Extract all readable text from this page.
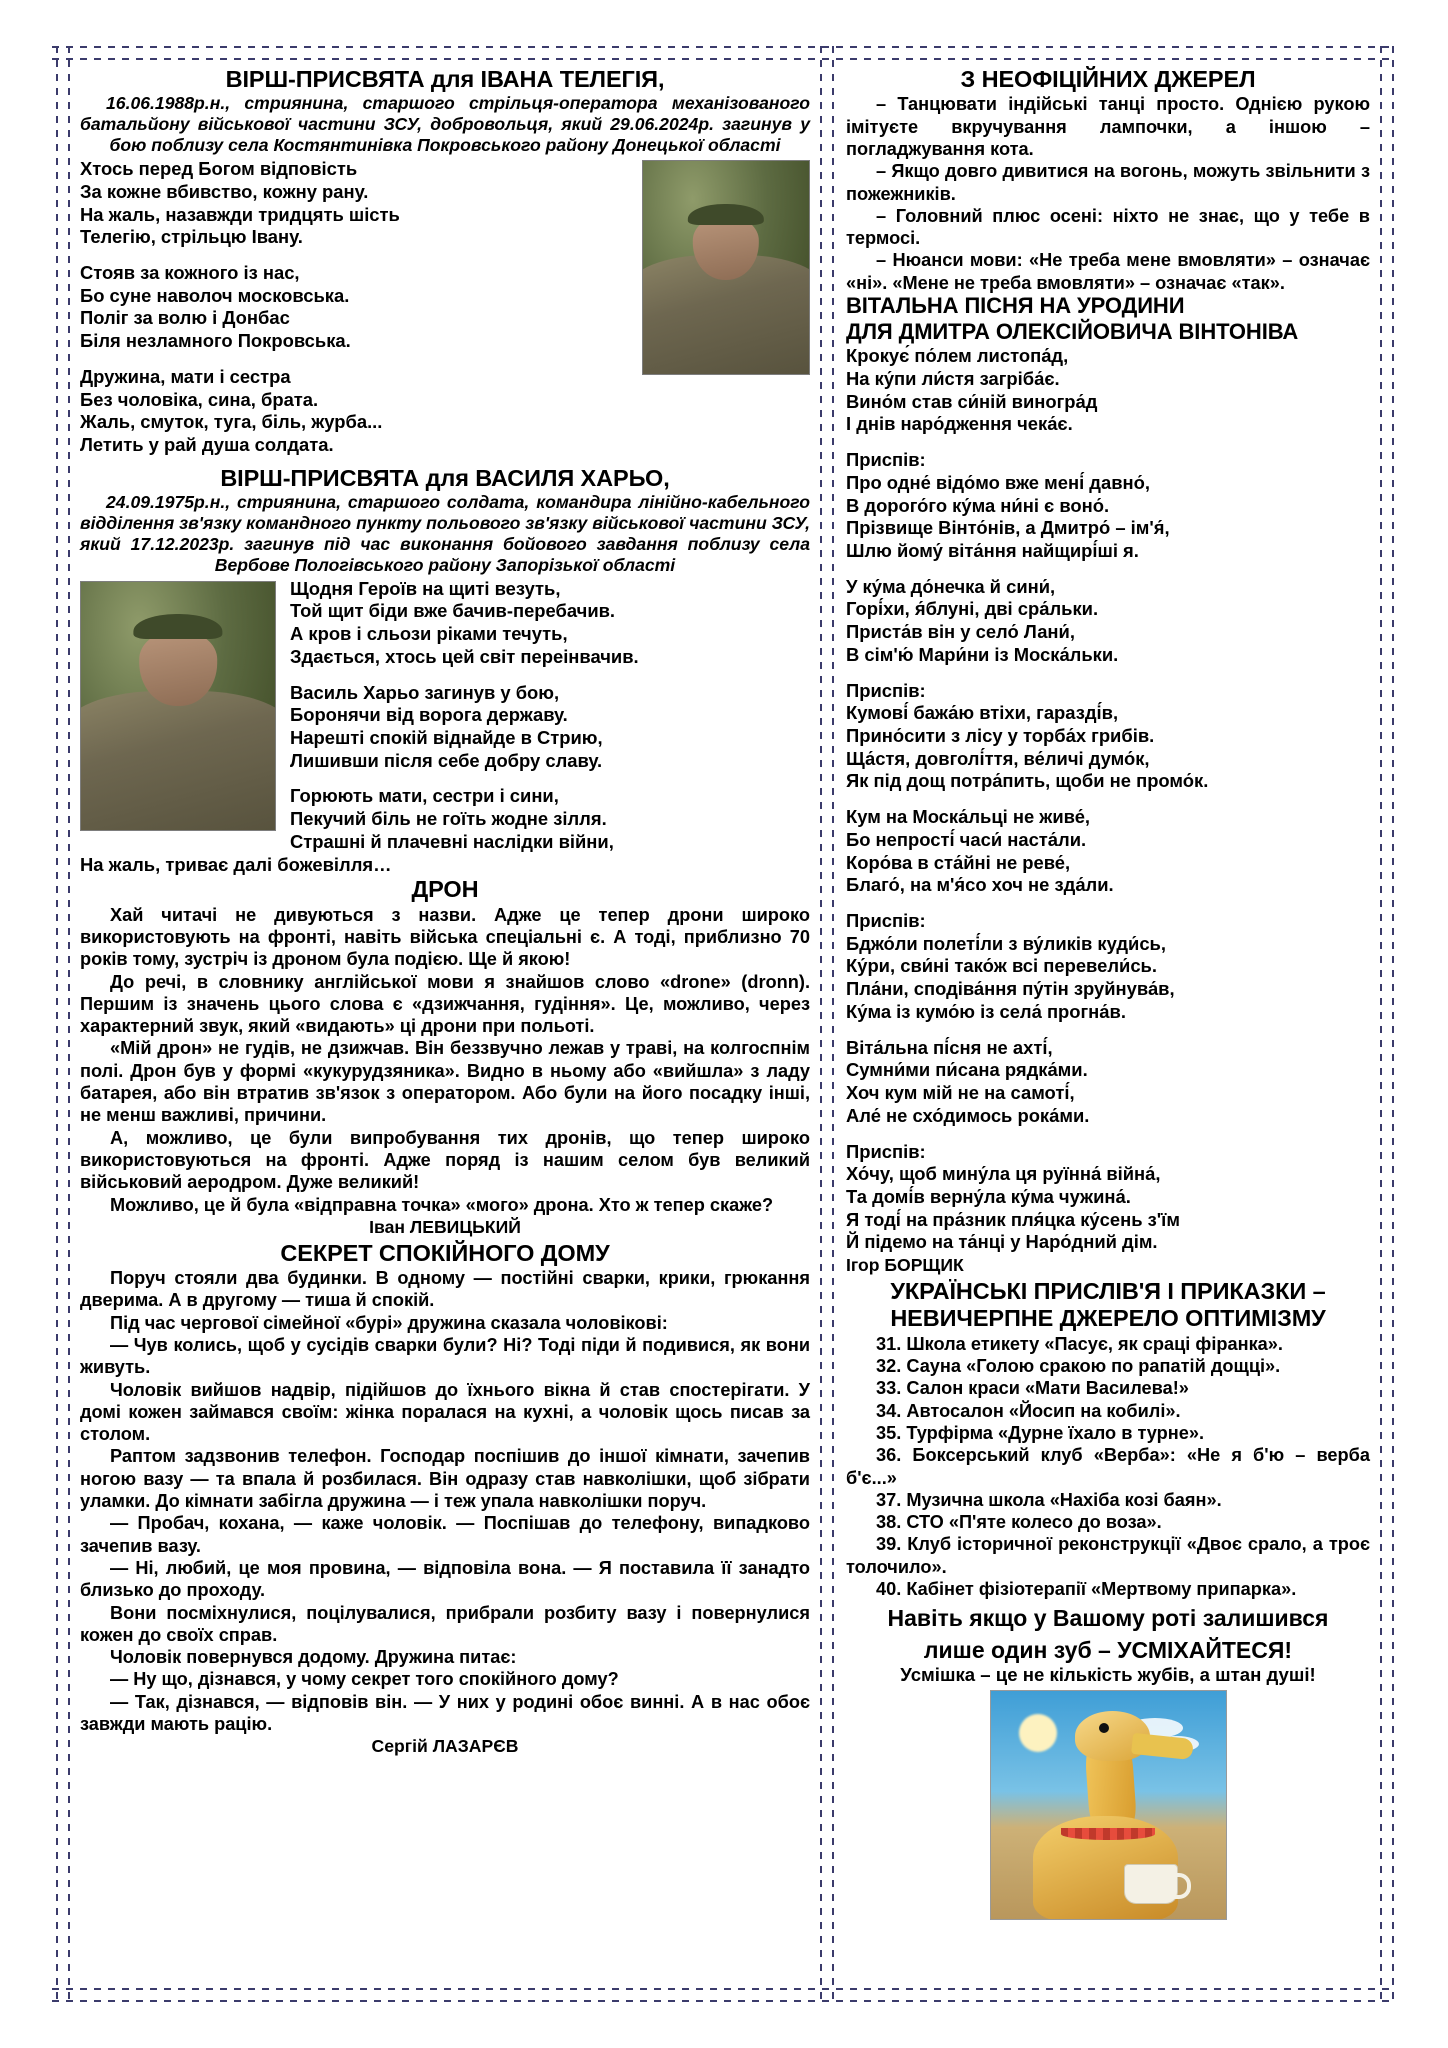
ВІРШ-ПРИСВЯТА для ІВАНА ТЕЛЕГІЯ,

16.06.1988р.н., стриянина, старшого стрільця-оператора механізованого батальйону військової частини ЗСУ, добровольця, який 29.06.2024р. загинув у бою поблизу села Костянтинівка Покровського району Донецької області

Хтось перед Богом відповість
За кожне вбивство, кожну рану.
На жаль, назавжди тридцять шість
Телегію, стрільцю Івану.

Стояв за кожного із нас,
Бо суне наволоч московська.
Поліг за волю і Донбас
Біля незламного Покровська.

Дружина, мати і сестра
Без чоловіка, сина, брата.
Жаль, смуток, туга, біль, журба...
Летить у рай душа солдата.

ВІРШ-ПРИСВЯТА для ВАСИЛЯ ХАРЬО,

24.09.1975р.н., стриянина, старшого солдата, командира лінійно-кабельного відділення зв'язку командного пункту польового зв'язку військової частини ЗСУ, який 17.12.2023р. загинув під час виконання бойового завдання поблизу села Вербове Пологівського району Запорізької області

Щодня Героїв на щиті везуть,
Той щит біди вже бачив-перебачив.
А кров і сльози ріками течуть,
Здається, хтось цей світ переінвачив.

Василь Харьо загинув у бою,
Боронячи від ворога державу.
Нарешті спокій віднайде в Стрию,
Лишивши після себе добру славу.

Горюють мати, сестри і сини,
Пекучий біль не гоїть жодне зілля.
Страшні й плачевні наслідки війни,
На жаль, триває далі божевілля…

ДРОН

Хай читачі не дивуються з назви. Адже це тепер дрони широко використовують на фронті, навіть війська спеціальні є. А тоді, приблизно 70 років тому, зустріч із дроном була подією. Ще й якою!

До речі, в словнику англійської мови я знайшов слово «drone» (dronn). Першим із значень цього слова є «дзижчання, гудіння». Це, можливо, через характерний звук, який «видають» ці дрони при польоті.

«Мій дрон» не гудів, не дзижчав. Він беззвучно лежав у траві, на колгоспнім полі. Дрон був у формі «кукурудзяника». Видно в ньому або «вийшла» з ладу батарея, або він втратив зв'язок з оператором. Або були на його посадку інші, не менш важливі, причини.

А, можливо, це були випробування тих дронів, що тепер широко використовуються на фронті. Адже поряд із нашим селом був великий військовий аеродром. Дуже великий!

Можливо, це й була «відправна точка» «мого» дрона. Хто ж тепер скаже?

Іван ЛЕВИЦЬКИЙ
СЕКРЕТ СПОКІЙНОГО ДОМУ

Поруч стояли два будинки. В одному — постійні сварки, крики, грюкання дверима. А в другому — тиша й спокій.

Під час чергової сімейної «бурі» дружина сказала чоловікові:

— Чув колись, щоб у сусідів сварки були? Ні? Тоді піди й подивися, як вони живуть.

Чоловік вийшов надвір, підійшов до їхнього вікна й став спостерігати. У домі кожен займався своїм: жінка поралася на кухні, а чоловік щось писав за столом.

Раптом задзвонив телефон. Господар поспішив до іншої кімнати, зачепив ногою вазу — та впала й розбилася. Він одразу став навколішки, щоб зібрати уламки. До кімнати забігла дружина — і теж упала навколішки поруч.

— Пробач, кохана, — каже чоловік. — Поспішав до телефону, випадково зачепив вазу.

— Ні, любий, це моя провина, — відповіла вона. — Я поставила її занадто близько до проходу.

Вони посміхнулися, поцілувалися, прибрали розбиту вазу і повернулися кожен до своїх справ.

Чоловік повернувся додому. Дружина питає:

— Ну що, дізнався, у чому секрет того спокійного дому?

— Так, дізнався, — відповів він. — У них у родині обоє винні. А в нас обоє завжди мають рацію.

Сергій ЛАЗАРЄВ
З НЕОФІЦІЙНИХ ДЖЕРЕЛ

– Танцювати індійські танці просто. Однією рукою імітуєте вкручування лампочки, а іншою – погладжування кота.

– Якщо довго дивитися на вогонь, можуть звільнити з пожежників.

– Головний плюс осені: ніхто не знає, що у тебе в термосі.

– Нюанси мови: «Не треба мене вмовляти» – означає «ні». «Мене не треба вмовляти» – означає «так».

ВІТАЛЬНА ПІСНЯ НА УРОДИНИ
ДЛЯ ДМИТРА ОЛЕКСІЙОВИЧА ВІНТОНІВА

Крокує́ по́лем листопа́д,
На ку́пи ли́стя загріба́є.
Вино́м став си́ній виногра́д
І днів наро́дження чека́є.

Приспів:
Про одне́ відо́мо вже мені́ давно́,
В дорого́го ку́ма ни́ні є воно́.
Прізвище Вінто́нів, а Дмитро́ – ім'я́,
Шлю йому́ віта́ння найщирі́ші я.

У ку́ма до́нечка й сини́,
Горі́хи, я́блуні, дві сра́льки.
Приста́в він у село́ Лани́,
В сім'ю́ Мари́ни із Моска́льки.

Приспів:
Кумові́ бажа́ю втіхи, гаразді́в,
Прино́сити з лісу у торба́х грибів.
Ща́стя, довголі́ття, ве́личі думо́к,
Як під дощ потра́пить, щоби не промо́к.

Кум на Моска́льці не живе́,
Бо непрості́ часи́ наста́ли.
Коро́ва в ста́йні не реве́,
Благо́, на м'я́со хоч не зда́ли.

Приспів:
Бджо́ли полеті́ли з ву́ликів куди́сь,
Ку́ри, сви́ні тако́ж всі перевели́сь.
Пла́ни, сподіва́ння пу́тін зруйнува́в,
Ку́ма із кумо́ю із села́ прогна́в.

Віта́льна пі́сня не ахті́,
Сумни́ми пи́сана рядка́ми.
Хоч кум мій не на самоті́,
Але́ не схо́димось рока́ми.

Приспів:
Хо́чу, щоб мину́ла ця руїнна́ війна́,
Та домі́в верну́ла ку́ма чужина́.
Я тоді́ на пра́зник пля́цка ку́сень з'їм
Й підемо на та́нці у Наро́дний дім.

Ігор БОРЩИК
УКРАЇНСЬКІ ПРИСЛІВ'Я І ПРИКАЗКИ –
НЕВИЧЕРПНЕ ДЖЕРЕЛО ОПТИМІЗМУ

31. Школа етикету «Пасує, як сраці фіранка».

32. Сауна «Голою сракою по рапатій дощці».

33. Салон краси «Мати Василева!»

34. Автосалон «Йосип на кобилі».

35. Турфірма «Дурне їхало в турне».

36. Боксерський клуб «Верба»: «Не я б'ю – верба б'є...»

37. Музична школа «Нахіба козі баян».

38. СТО «П'яте колесо до воза».

39. Клуб історичної реконструкції «Двоє срало, а троє толочило».

40. Кабінет фізіотерапії «Мертвому припарка».

Навіть якщо у Вашому роті залишився
лише один зуб – УСМІХАЙТЕСЯ!
Усмішка – це не кількість жубів, а штан душі!
